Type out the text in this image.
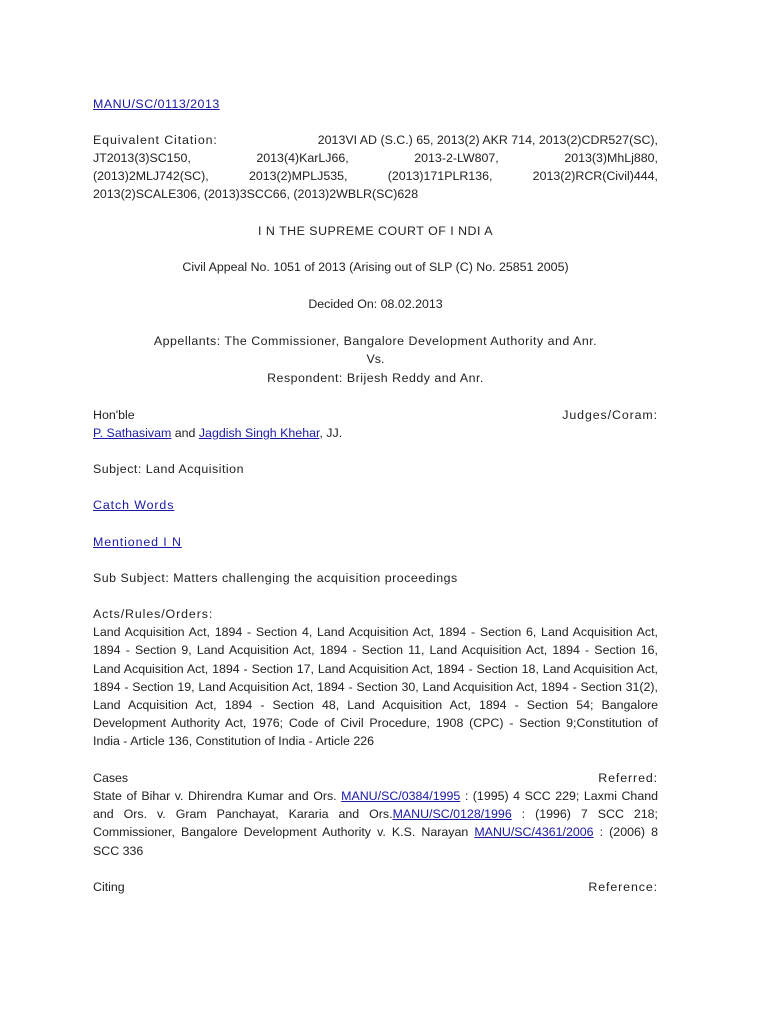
MANU/SC/0113/2013

Equivalent Citation:	2013VI AD (S.C.) 65, 2013(2) AKR 714, 2013(2)CDR527(SC),

JT2013(3)SC150,	2013(4)KarLJ66,	2013-2-LW807,	2013(3)MhLj880,

(2013)2MLJ742(SC),	2013(2)MPLJ535,	(2013)171PLR136,	2013(2)RCR(Civil)444,

2013(2)SCALE306, (2013)3SCC66, (2013)2WBLR(SC)628

I N THE SUPREME COURT OF I NDI A

Civil Appeal No. 1051 of 2013 (Arising out of SLP (C) No. 25851 2005)

Decided On: 08.02.2013

Appellants: The Commissioner, Bangalore Development Authority and Anr.

Vs.

Respondent: Brijesh Reddy and Anr.

Hon'ble	Judges/Coram:

P. Sathasivam and Jagdish Singh Khehar, JJ.

Subject: Land Acquisition

Catch Words

Mentioned I N

Sub Subject: Matters challenging the acquisition proceedings

Acts/Rules/Orders:

Land Acquisition Act, 1894 - Section 4, Land Acquisition Act, 1894 - Section 6, Land Acquisition Act, 1894 - Section 9, Land Acquisition Act, 1894 - Section 11, Land Acquisition Act, 1894 - Section 16, Land Acquisition Act, 1894 - Section 17, Land Acquisition Act, 1894 - Section 18, Land Acquisition Act, 1894 - Section 19, Land Acquisition Act, 1894 - Section 30, Land Acquisition Act, 1894 - Section 31(2), Land Acquisition Act, 1894 - Section 48, Land Acquisition Act, 1894 - Section 54; Bangalore Development Authority Act, 1976; Code of Civil Procedure, 1908 (CPC) - Section 9;Constitution of India - Article 136, Constitution of India - Article 226

Cases	Referred:

State of Bihar v. Dhirendra Kumar and Ors. MANU/SC/0384/1995 : (1995) 4 SCC 229; Laxmi Chand and Ors. v. Gram Panchayat, Kararia and Ors.MANU/SC/0128/1996 : (1996) 7 SCC 218; Commissioner, Bangalore Development Authority v. K.S. Narayan MANU/SC/4361/2006 : (2006) 8 SCC 336

Citing	Reference:
